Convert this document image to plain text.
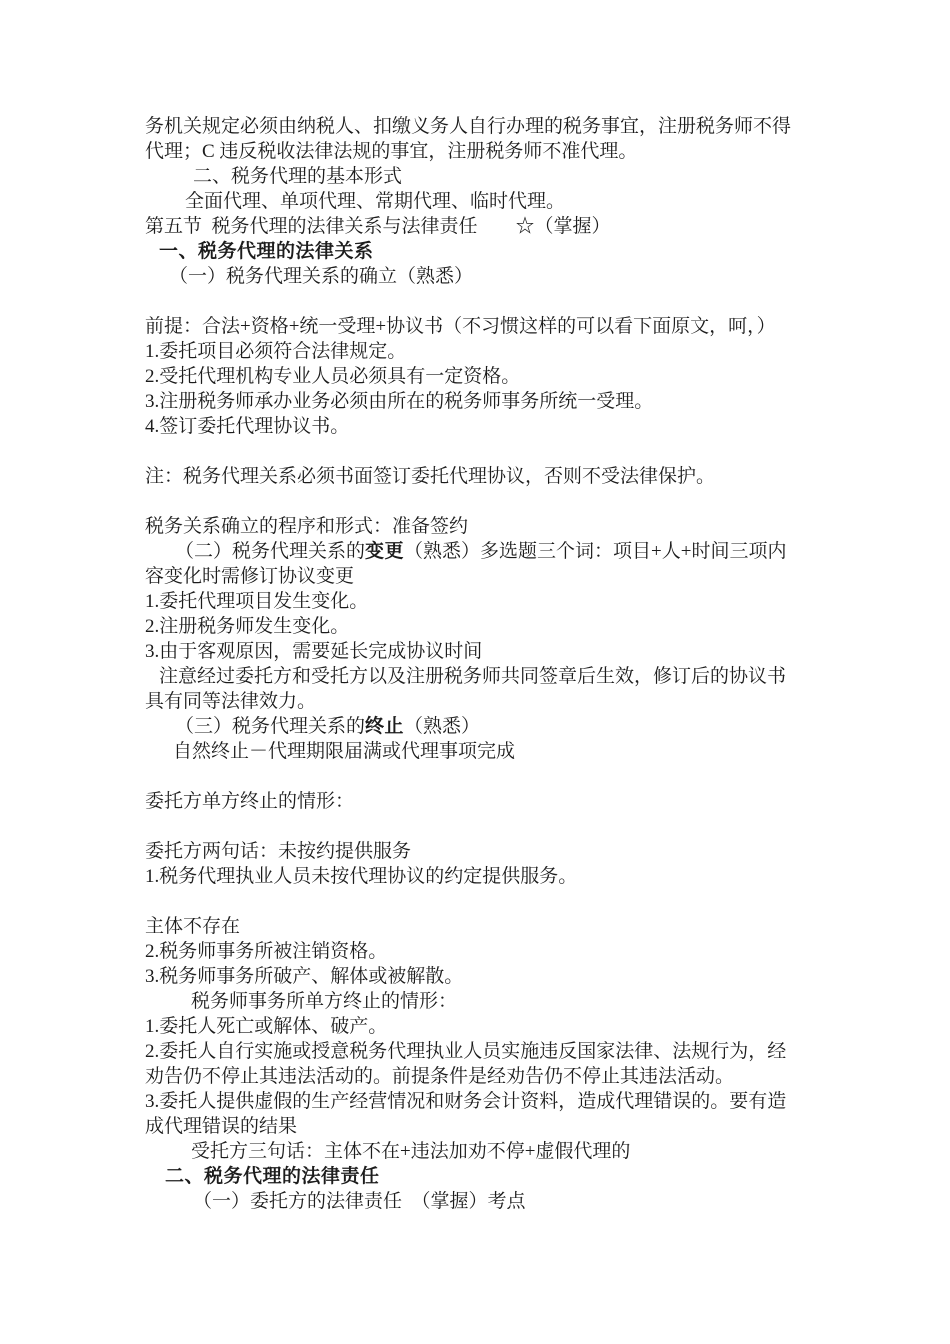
务机关规定必须由纳税人、扣缴义务人自行办理的税务事宜，注册税务师不得
代理；C 违反税收法律法规的事宜，注册税务师不准代理。
二、税务代理的基本形式
全面代理、单项代理、常期代理、临时代理。
第五节  税务代理的法律关系与法律责任　　 ☆（掌握）
一、税务代理的法律关系
（一）税务代理关系的确立（熟悉）
前提：合法+资格+统一受理+协议书（不习惯这样的可以看下面原文，呵，）
1.委托项目必须符合法律规定。
2.受托代理机构专业人员必须具有一定资格。
3.注册税务师承办业务必须由所在的税务师事务所统一受理。
4.签订委托代理协议书。
注：税务代理关系必须书面签订委托代理协议，否则不受法律保护。
税务关系确立的程序和形式：准备签约
（二）税务代理关系的变更（熟悉）多选题三个词：项目+人+时间三项内
容变化时需修订协议变更
1.委托代理项目发生变化。
2.注册税务师发生变化。
3.由于客观原因，需要延长完成协议时间
注意经过委托方和受托方以及注册税务师共同签章后生效，修订后的协议书
具有同等法律效力。
（三）税务代理关系的终止（熟悉）
自然终止－代理期限届满或代理事项完成
委托方单方终止的情形：
委托方两句话：未按约提供服务
1.税务代理执业人员未按代理协议的约定提供服务。
主体不存在
2.税务师事务所被注销资格。
3.税务师事务所破产、解体或被解散。
税务师事务所单方终止的情形：
1.委托人死亡或解体、破产。
2.委托人自行实施或授意税务代理执业人员实施违反国家法律、法规行为，经
劝告仍不停止其违法活动的。前提条件是经劝告仍不停止其违法活动。
3.委托人提供虚假的生产经营情况和财务会计资料，造成代理错误的。要有造
成代理错误的结果
受托方三句话：主体不在+违法加劝不停+虚假代理的
二、税务代理的法律责任
（一）委托方的法律责任　（掌握）考点
